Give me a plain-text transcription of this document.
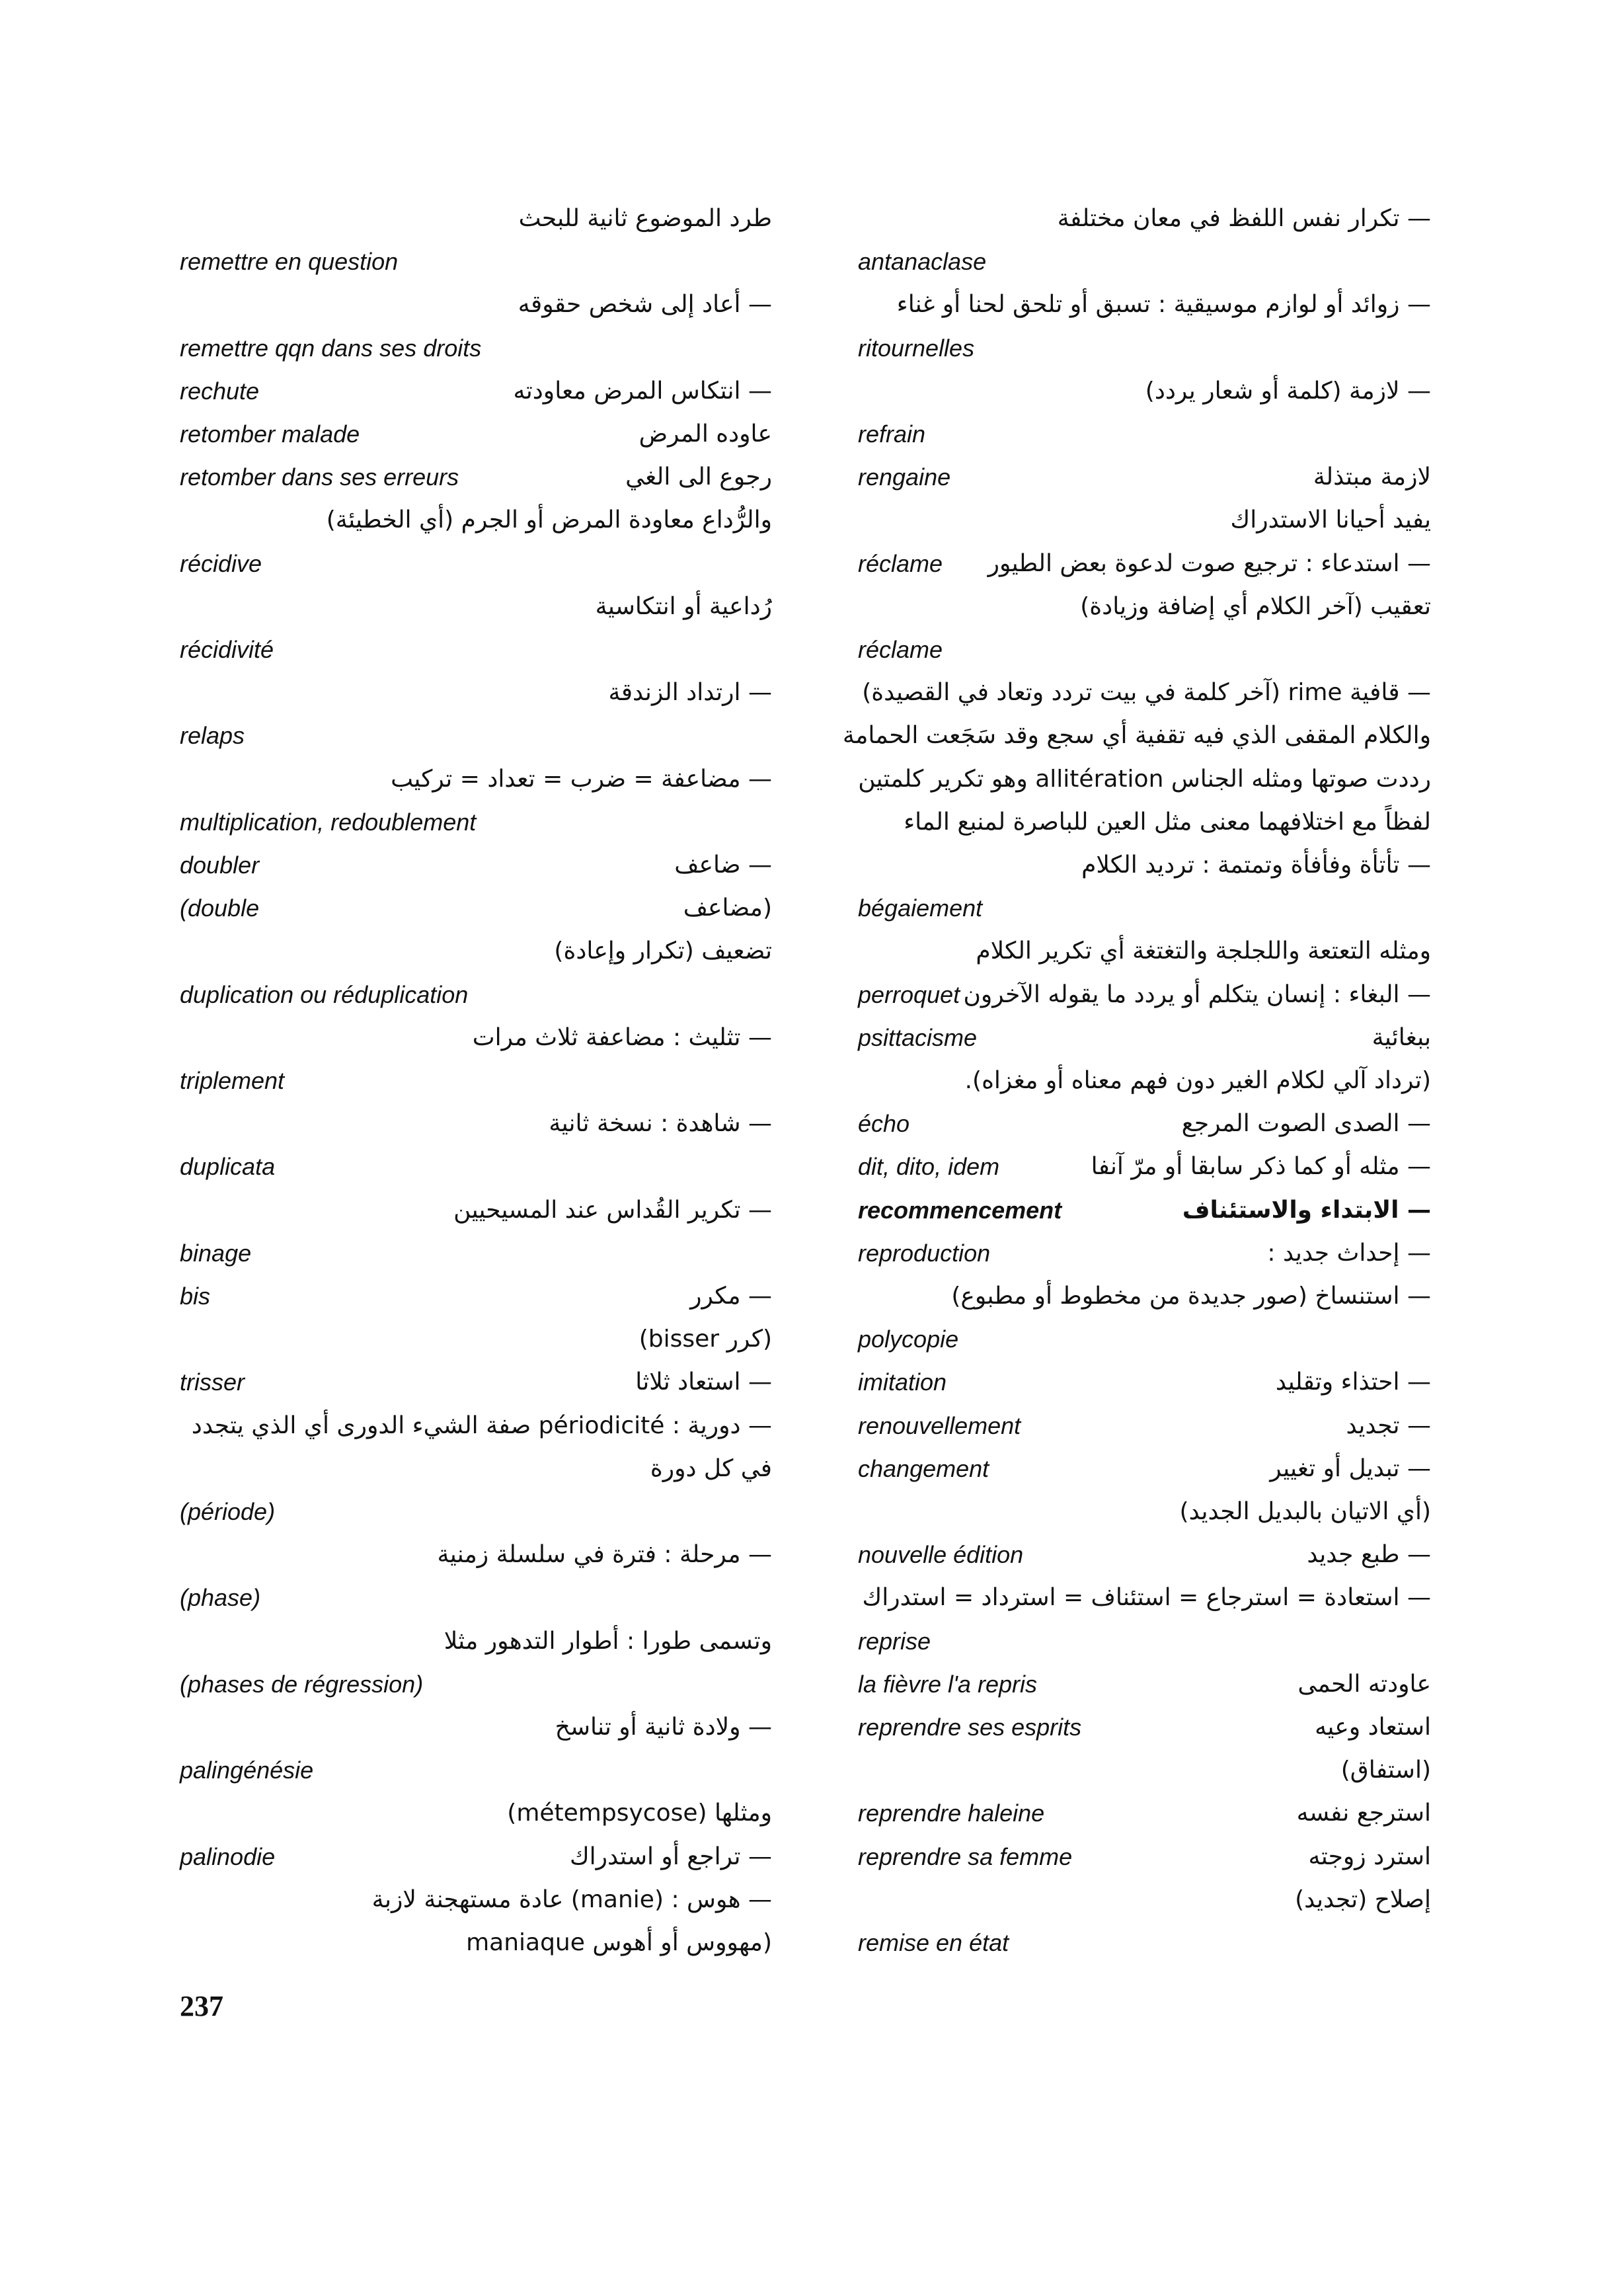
— تكرار نفس اللفظ في معان مختلفة
antanaclase
— زوائد أو لوازم موسيقية : تسبق أو تلحق لحنا أو غناء
ritournelles
— لازمة (كلمة أو شعار يردد)
refrain
rengaine	لازمة مبتذلة
يفيد أحيانا الاستدراك
réclame — استدعاء : ترجيع صوت لدعوة بعض الطيور
تعقيب (آخر الكلام أي إضافة وزيادة)
réclame
— قافية rime (آخر كلمة في بيت تردد وتعاد في القصيدة)
والكلام المقفى الذي فيه تقفية أي سجع وقد سَجَعت الحمامة
رددت صوتها ومثله الجناس allitération وهو تكرير كلمتين
لفظاً مع اختلافهما معنى مثل العين للباصرة لمنبع الماء
— تأتأة وفأفأة وتمتمة : ترديد الكلام
bégaiement
ومثله التعتعة واللجلجة والتغتغة أي تكرير الكلام
perroquet — البغاء : إنسان يتكلم أو يردد ما يقوله الآخرون
psittacisme	ببغائية
(ترداد آلي لكلام الغير دون فهم معناه أو مغزاه).
écho	— الصدى الصوت المرجع
dit, dito, idem	— مثله أو كما ذكر سابقا أو مرّ آنفا
recommencement	— الابتداء والاستئناف
reproduction	— إحداث جديد :
— استنساخ (صور جديدة من مخطوط أو مطبوع)
polycopie
imitation	— احتذاء وتقليد
renouvellement	— تجديد
changement	— تبديل أو تغيير
(أي الاتيان بالبديل الجديد)
nouvelle édition	— طبع جديد
— استعادة = استرجاع = استئناف = استرداد = استدراك
reprise
la fièvre l'a repris	عاودته الحمى
reprendre ses esprits	استعاد وعيه
(استفاق)
reprendre haleine	استرجع نفسه
reprendre sa femme	استرد زوجته
إصلاح (تجديد)
remise en état
طرد الموضوع ثانية للبحث
remettre en question
— أعاد إلى شخص حقوقه
remettre qqn dans ses droits
rechute	— انتكاس المرض معاودته
retomber malade	عاوده المرض
retomber dans ses erreurs	رجوع الى الغي
والرُّداع معاودة المرض أو الجرم (أي الخطيئة)
récidive
رُداعية أو انتكاسية
récidivité
— ارتداد الزندقة
relaps
— مضاعفة = ضرب = تعداد = تركيب
multiplication, redoublement
doubler	— ضاعف
(double	(مضاعف
تضعيف (تكرار وإعادة)
duplication ou réduplication
— تثليث : مضاعفة ثلاث مرات
triplement
— شاهدة : نسخة ثانية
duplicata
— تكرير القُداس عند المسيحيين
binage
bis	— مكرر
(كرر bisser)
trisser	— استعاد ثلاثا
— دورية : périodicité صفة الشيء الدورى أي الذي يتجدد
في كل دورة
(période)
— مرحلة : فترة في سلسلة زمنية
(phase)
وتسمى طورا : أطوار التدهور مثلا
(phases de régression)
— ولادة ثانية أو تناسخ
palingénésie
ومثلها (métempsycose)
palinodie	— تراجع أو استدراك
— هوس : (manie) عادة مستهجنة لازبة
(مهووس أو أهوس maniaque
237
